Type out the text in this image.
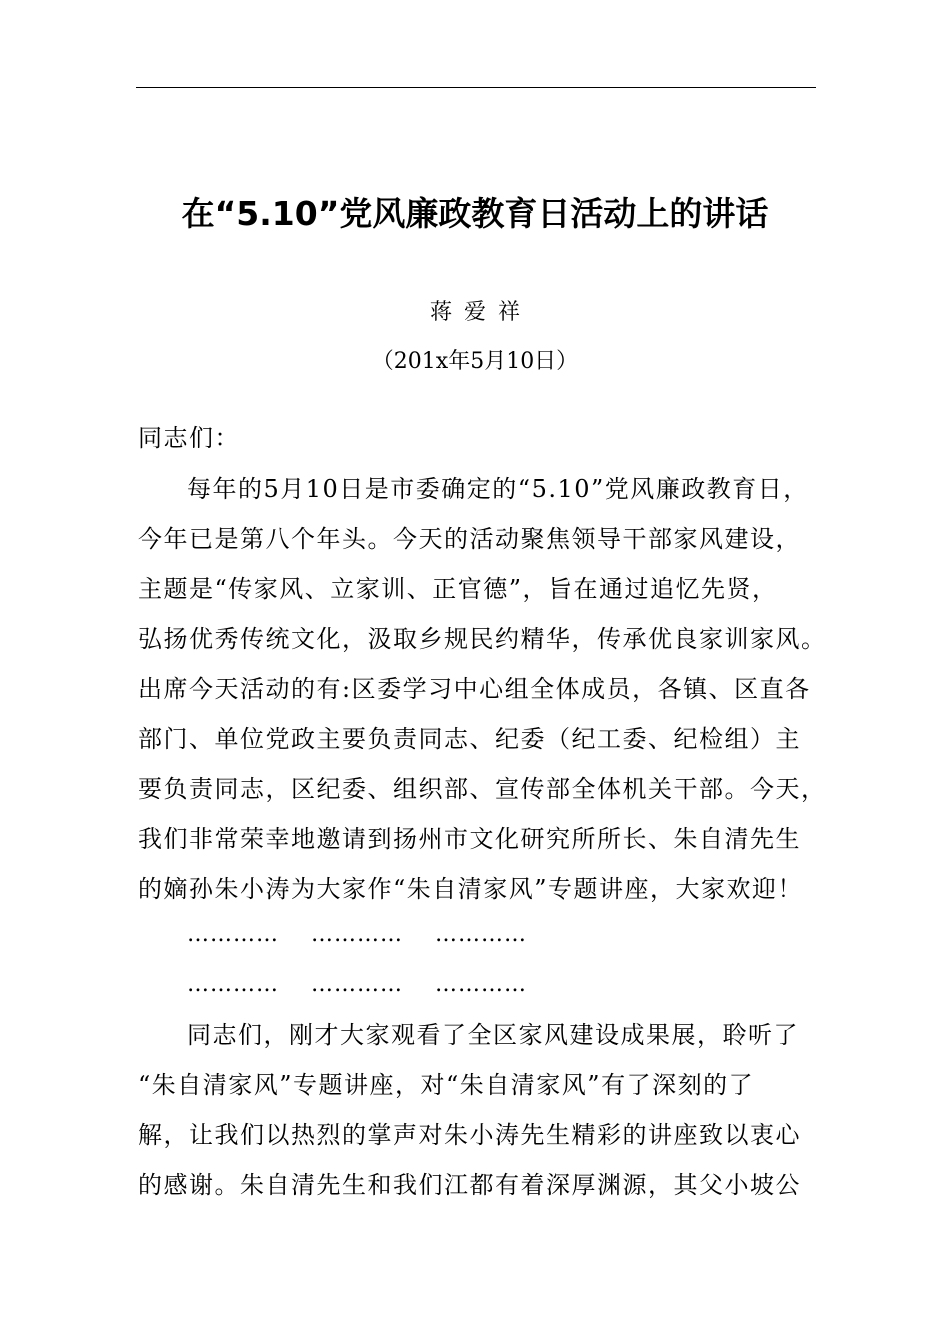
在“5.10”党风廉政教育日活动上的讲话
蒋爱祥
（201x年5月10日）
同志们：
每年的5月10日是市委确定的“5.10”党风廉政教育日，
今年已是第八个年头。今天的活动聚焦领导干部家风建设，
主题是“传家风、立家训、正官德”，旨在通过追忆先贤，
弘扬优秀传统文化，汲取乡规民约精华，传承优良家训家风。
出席今天活动的有:区委学习中心组全体成员，各镇、区直各
部门、单位党政主要负责同志、纪委（纪工委、纪检组）主
要负责同志，区纪委、组织部、宣传部全体机关干部。今天，
我们非常荣幸地邀请到扬州市文化研究所所长、朱自清先生
的嫡孙朱小涛为大家作“朱自清家风”专题讲座，大家欢迎！
………… ………… …………
………… ………… …………
同志们，刚才大家观看了全区家风建设成果展，聆听了
“朱自清家风”专题讲座，对“朱自清家风”有了深刻的了
解，让我们以热烈的掌声对朱小涛先生精彩的讲座致以衷心
的感谢。朱自清先生和我们江都有着深厚渊源，其父小坡公
